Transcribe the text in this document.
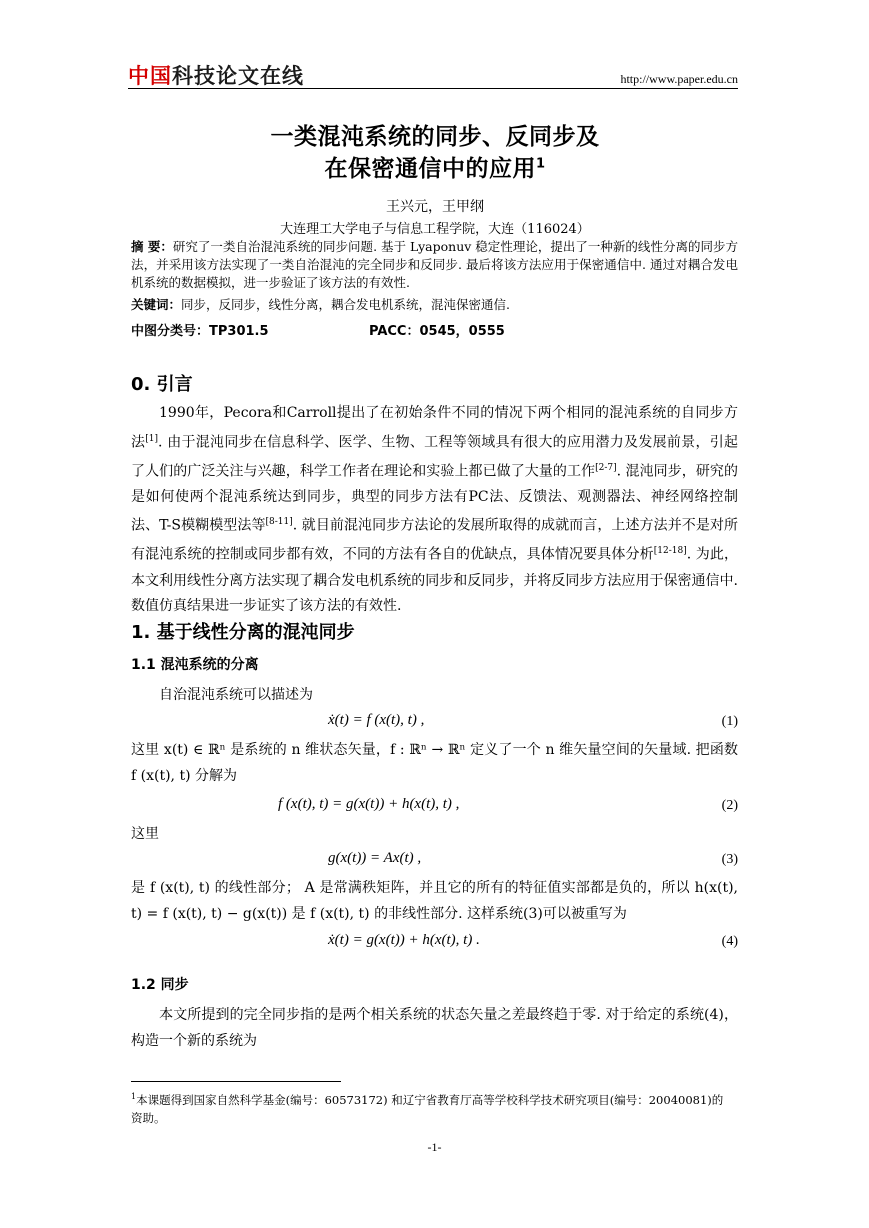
中国科技论文在线	http://www.paper.edu.cn
一类混沌系统的同步、反同步及
在保密通信中的应用$^1$
王兴元，王甲纲
大连理工大学电子与信息工程学院，大连（116024）
摘 要：研究了一类自治混沌系统的同步问题. 基于 Lyaponuv 稳定性理论，提出了一种新的线性分离的同步方法，并采用该方法实现了一类自治混沌的完全同步和反同步. 最后将该方法应用于保密通信中. 通过对耦合发电机系统的数据模拟，进一步验证了该方法的有效性.
关键词：同步，反同步，线性分离，耦合发电机系统，混沌保密通信.
中图分类号：TP301.5	PACC：0545，0555
0. 引言
1990年，Pecora和Carroll提出了在初始条件不同的情况下两个相同的混沌系统的自同步方法[1]. 由于混沌同步在信息科学、医学、生物、工程等领域具有很大的应用潜力及发展前景，引起了人们的广泛关注与兴趣，科学工作者在理论和实验上都已做了大量的工作[2-7]. 混沌同步，研究的是如何使两个混沌系统达到同步，典型的同步方法有PC法、反馈法、观测器法、神经网络控制法、T-S模糊模型法等[8-11]. 就目前混沌同步方法论的发展所取得的成就而言，上述方法并不是对所有混沌系统的控制或同步都有效，不同的方法有各自的优缺点，具体情况要具体分析[12-18]. 为此，本文利用线性分离方法实现了耦合发电机系统的同步和反同步，并将反同步方法应用于保密通信中. 数值仿真结果进一步证实了该方法的有效性.
1. 基于线性分离的混沌同步
1.1 混沌系统的分离
自治混沌系统可以描述为
ẋ(t) = f (x(t), t) ,	(1)
这里 x(t) ∈ ℝⁿ 是系统的 n 维状态矢量，f : ℝⁿ → ℝⁿ 定义了一个 n 维矢量空间的矢量域. 把函数 f (x(t), t) 分解为
f (x(t), t) = g(x(t)) + h(x(t), t) ,	(2)
这里
g(x(t)) = Ax(t) ,	(3)
是 f (x(t), t) 的线性部分； A 是常满秩矩阵，并且它的所有的特征值实部都是负的，所以 h(x(t), t) = f (x(t), t) − g(x(t)) 是 f (x(t), t) 的非线性部分. 这样系统(3)可以被重写为
ẋ(t) = g(x(t)) + h(x(t), t) .	(4)
1.2 同步
本文所提到的完全同步指的是两个相关系统的状态矢量之差最终趋于零. 对于给定的系统(4)，构造一个新的系统为
$^1$本课题得到国家自然科学基金(编号：60573172) 和辽宁省教育厅高等学校科学技术研究项目(编号：20040081)的资助。
-1-
